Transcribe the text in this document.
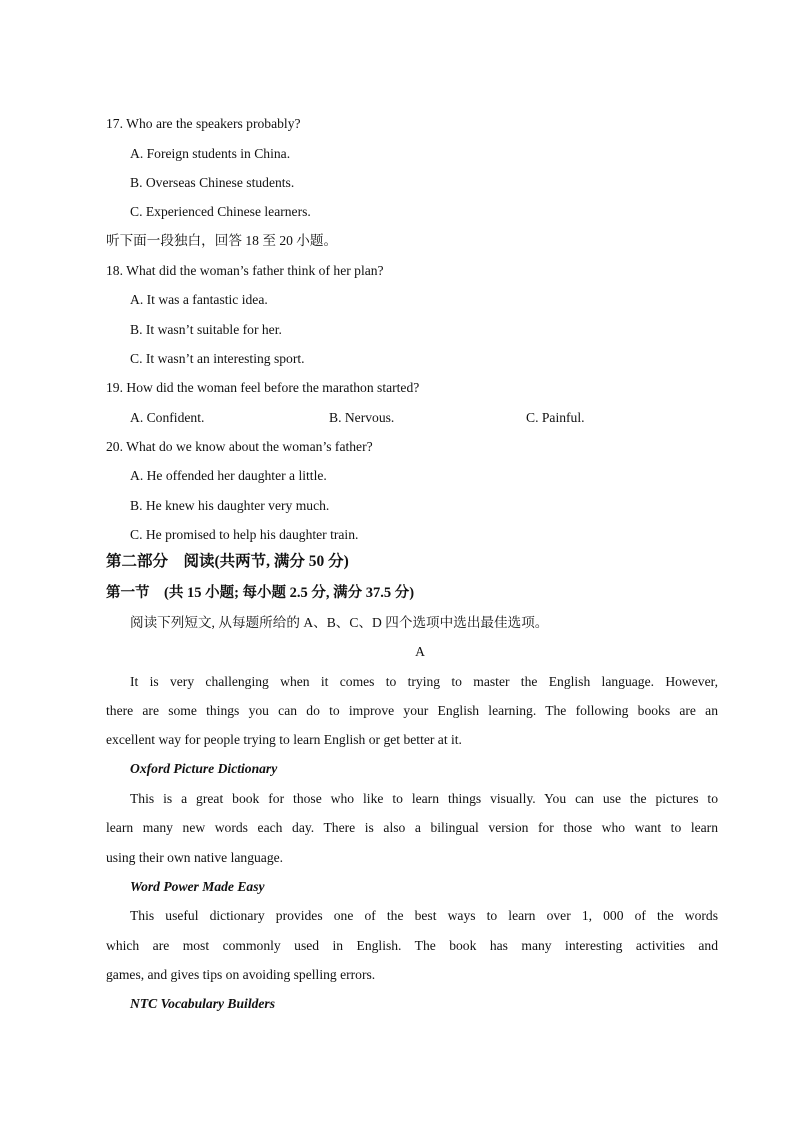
17. Who are the speakers probably?

A. Foreign students in China.

B. Overseas Chinese students.

C. Experienced Chinese learners.

听下面一段独白，回答 18 至 20 小题。

18. What did the woman’s father think of her plan?

A. It was a fantastic idea.

B. It wasn’t suitable for her.

C. It wasn’t an interesting sport.

19. How did the woman feel before the marathon started?

A. Confident.	B. Nervous.	C. Painful.

20. What do we know about the woman’s father?

A. He offended her daughter a little.

B. He knew his daughter very much.

C. He promised to help his daughter train.

第二部分　阅读(共两节, 满分 50 分)

第一节　(共 15 小题; 每小题 2.5 分, 满分 37.5 分)

阅读下列短文, 从每题所给的 A、B、C、D 四个选项中选出最佳选项。

A

It is very challenging when it comes to trying to master the English language. However,

there are some things you can do to improve your English learning. The following books are an

excellent way for people trying to learn English or get better at it.

Oxford Picture Dictionary

This is a great book for those who like to learn things visually. You can use the pictures to

learn many new words each day. There is also a bilingual version for those who want to learn

using their own native language.

Word Power Made Easy

This useful dictionary provides one of the best ways to learn over 1, 000 of the words

which are most commonly used in English. The book has many interesting activities and

games, and gives tips on avoiding spelling errors.

NTC Vocabulary Builders
